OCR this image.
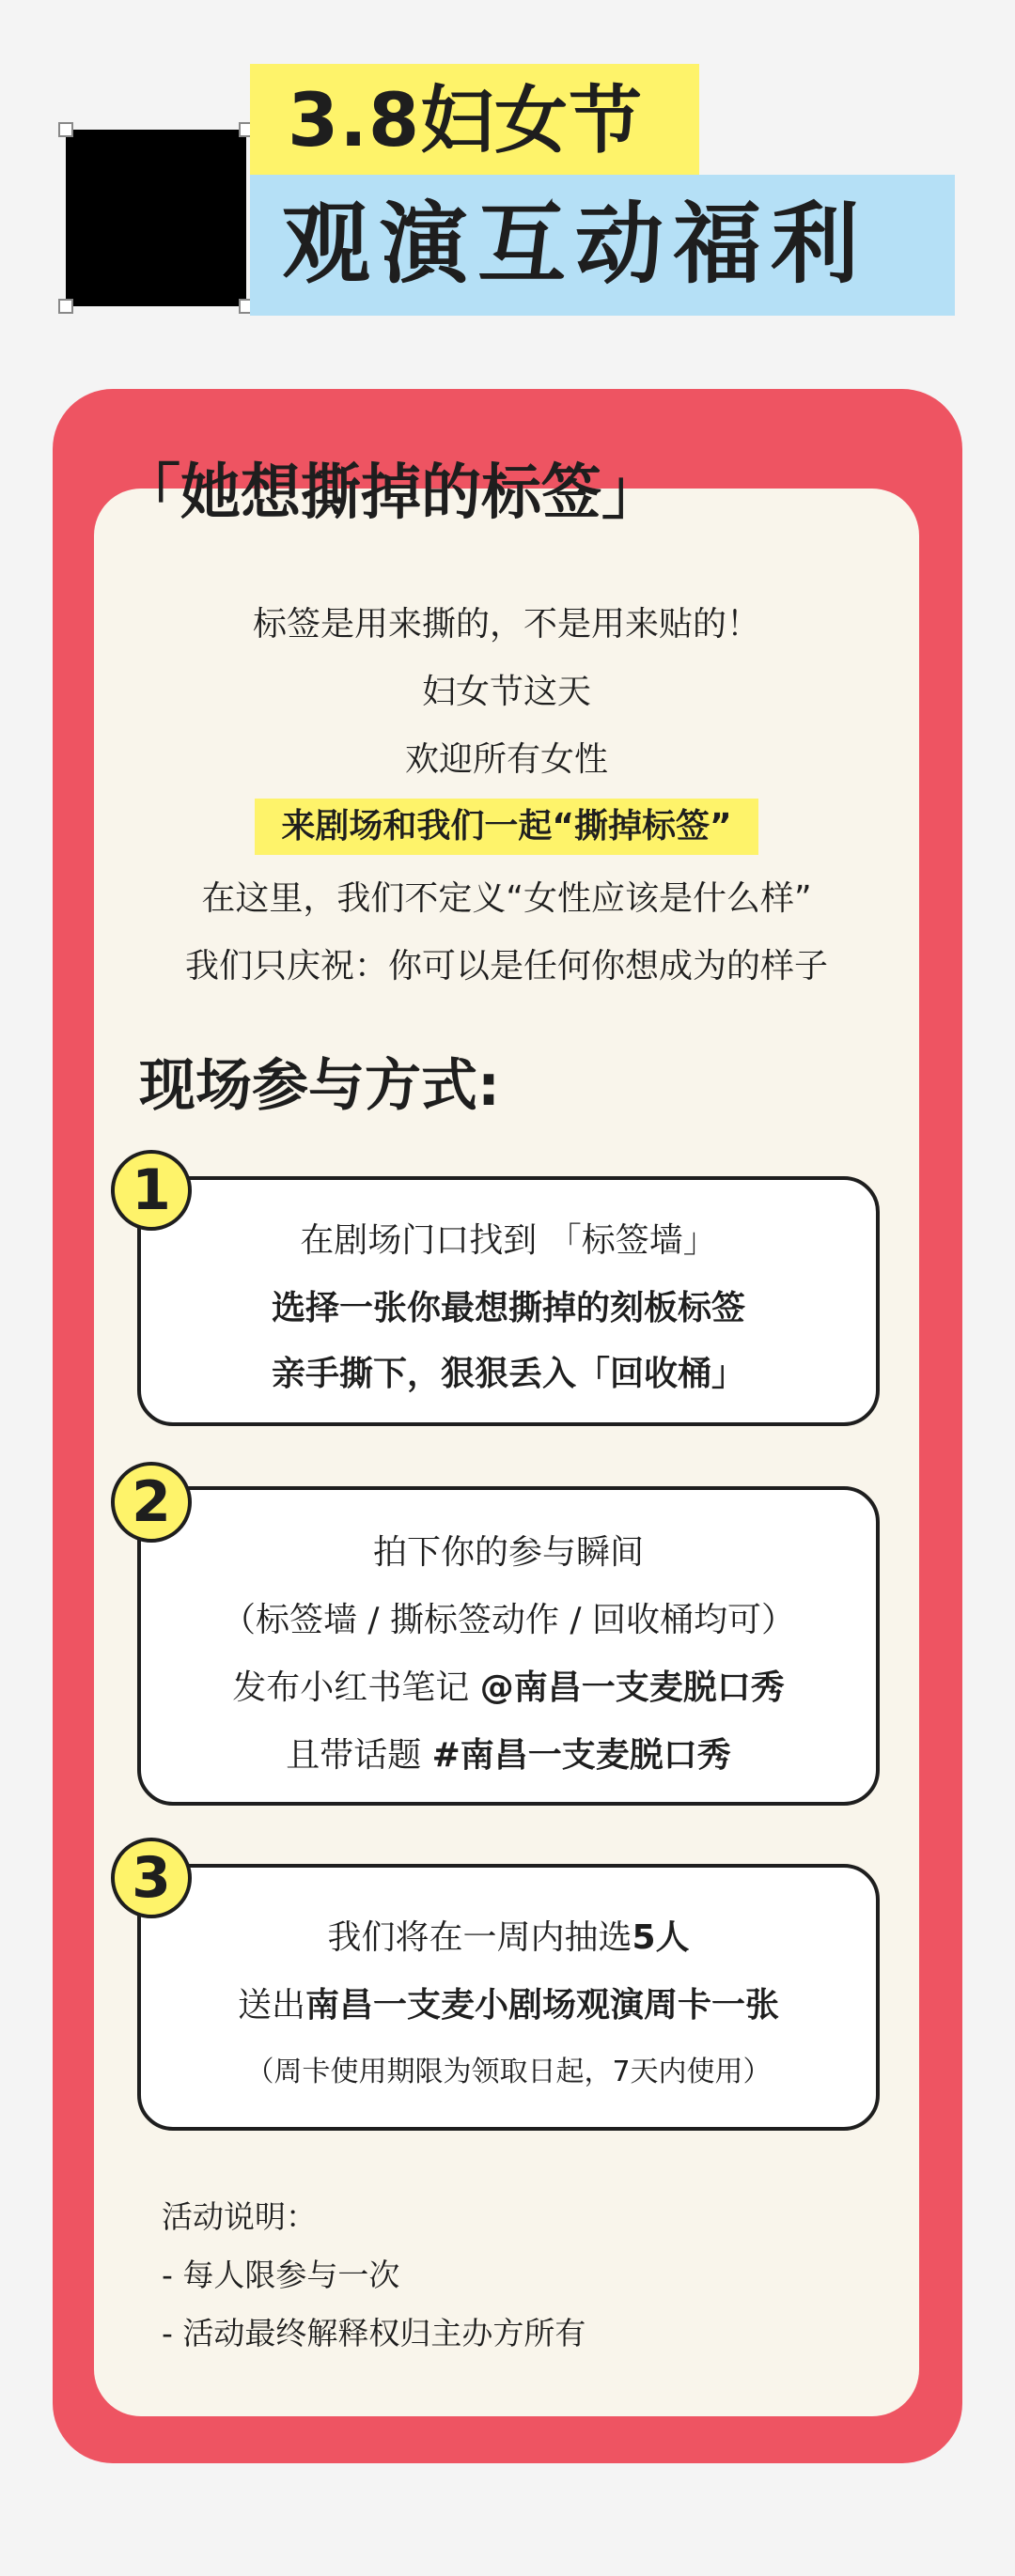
3.8妇女节
观演互动福利
「她想撕掉的标签」
标签是用来撕的，不是用来贴的！
妇女节这天
欢迎所有女性
来剧场和我们一起“撕掉标签”
在这里，我们不定义“女性应该是什么样”
我们只庆祝：你可以是任何你想成为的样子
现场参与方式:
在剧场门口找到 「标签墙」
选择一张你最想撕掉的刻板标签
亲手撕下，狠狠丢入「回收桶」
1
拍下你的参与瞬间
（标签墙 / 撕标签动作 / 回收桶均可）
发布小红书笔记 @南昌一支麦脱口秀
且带话题 #南昌一支麦脱口秀
2
我们将在一周内抽选5人
送出南昌一支麦小剧场观演周卡一张
（周卡使用期限为领取日起，7天内使用）
3
活动说明：
- 每人限参与一次
- 活动最终解释权归主办方所有
